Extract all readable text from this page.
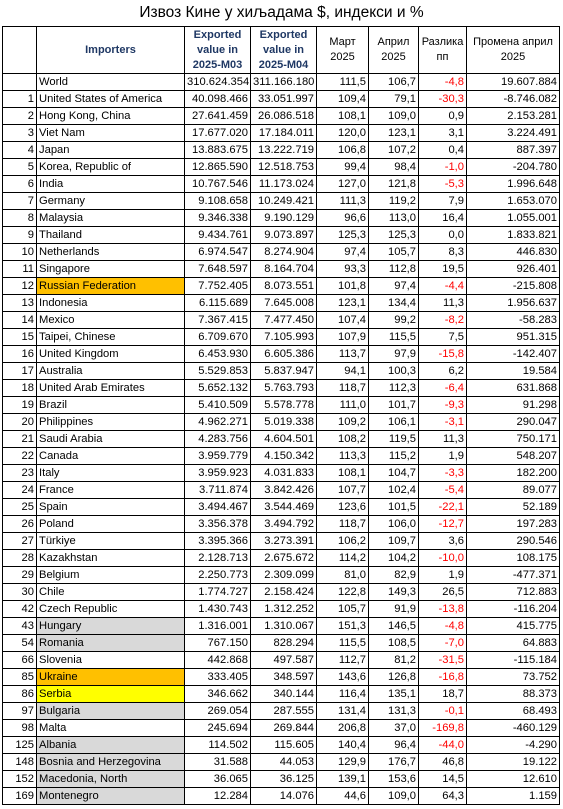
Извоз Кине у хиљадама $, индекси и %
	Importers	Exported value in 2025-M03	Exported value in 2025-M04	Март 2025	Април 2025	Разлика пп	Промена април 2025
	World	310.624.354	311.166.180	111,5	106,7	-4,8	19.607.884
1	United States of America	40.098.466	33.051.997	109,4	79,1	-30,3	-8.746.082
2	Hong Kong, China	27.641.459	26.086.518	108,1	109,0	0,9	2.153.281
3	Viet Nam	17.677.020	17.184.011	120,0	123,1	3,1	3.224.491
4	Japan	13.883.675	13.222.719	106,8	107,2	0,4	887.397
5	Korea, Republic of	12.865.590	12.518.753	99,4	98,4	-1,0	-204.780
6	India	10.767.546	11.173.024	127,0	121,8	-5,3	1.996.648
7	Germany	9.108.658	10.249.421	111,3	119,2	7,9	1.653.070
8	Malaysia	9.346.338	9.190.129	96,6	113,0	16,4	1.055.001
9	Thailand	9.434.761	9.073.897	125,3	125,3	0,0	1.833.821
10	Netherlands	6.974.547	8.274.904	97,4	105,7	8,3	446.830
11	Singapore	7.648.597	8.164.704	93,3	112,8	19,5	926.401
12	Russian Federation	7.752.405	8.073.551	101,8	97,4	-4,4	-215.808
13	Indonesia	6.115.689	7.645.008	123,1	134,4	11,3	1.956.637
14	Mexico	7.367.415	7.477.450	107,4	99,2	-8,2	-58.283
15	Taipei, Chinese	6.709.670	7.105.993	107,9	115,5	7,5	951.315
16	United Kingdom	6.453.930	6.605.386	113,7	97,9	-15,8	-142.407
17	Australia	5.529.853	5.837.947	94,1	100,3	6,2	19.584
18	United Arab Emirates	5.652.132	5.763.793	118,7	112,3	-6,4	631.868
19	Brazil	5.410.509	5.578.778	111,0	101,7	-9,3	91.298
20	Philippines	4.962.271	5.019.338	109,2	106,1	-3,1	290.047
21	Saudi Arabia	4.283.756	4.604.501	108,2	119,5	11,3	750.171
22	Canada	3.959.779	4.150.342	113,3	115,2	1,9	548.207
23	Italy	3.959.923	4.031.833	108,1	104,7	-3,3	182.200
24	France	3.711.874	3.842.426	107,7	102,4	-5,4	89.077
25	Spain	3.494.467	3.544.469	123,6	101,5	-22,1	52.189
26	Poland	3.356.378	3.494.792	118,7	106,0	-12,7	197.283
27	Türkiye	3.395.366	3.273.391	106,2	109,7	3,6	290.546
28	Kazakhstan	2.128.713	2.675.672	114,2	104,2	-10,0	108.175
29	Belgium	2.250.773	2.309.099	81,0	82,9	1,9	-477.371
30	Chile	1.774.727	2.158.424	122,8	149,3	26,5	712.883
42	Czech Republic	1.430.743	1.312.252	105,7	91,9	-13,8	-116.204
43	Hungary	1.316.001	1.310.067	151,3	146,5	-4,8	415.775
54	Romania	767.150	828.294	115,5	108,5	-7,0	64.883
66	Slovenia	442.868	497.587	112,7	81,2	-31,5	-115.184
85	Ukraine	333.405	348.597	143,6	126,8	-16,8	73.752
86	Serbia	346.662	340.144	116,4	135,1	18,7	88.373
97	Bulgaria	269.054	287.555	131,4	131,3	-0,1	68.493
98	Malta	245.694	269.844	206,8	37,0	-169,8	-460.129
125	Albania	114.502	115.605	140,4	96,4	-44,0	-4.290
148	Bosnia and Herzegovina	31.588	44.053	129,9	176,7	46,8	19.122
152	Macedonia, North	36.065	36.125	139,1	153,6	14,5	12.610
169	Montenegro	12.284	14.076	44,6	109,0	64,3	1.159
